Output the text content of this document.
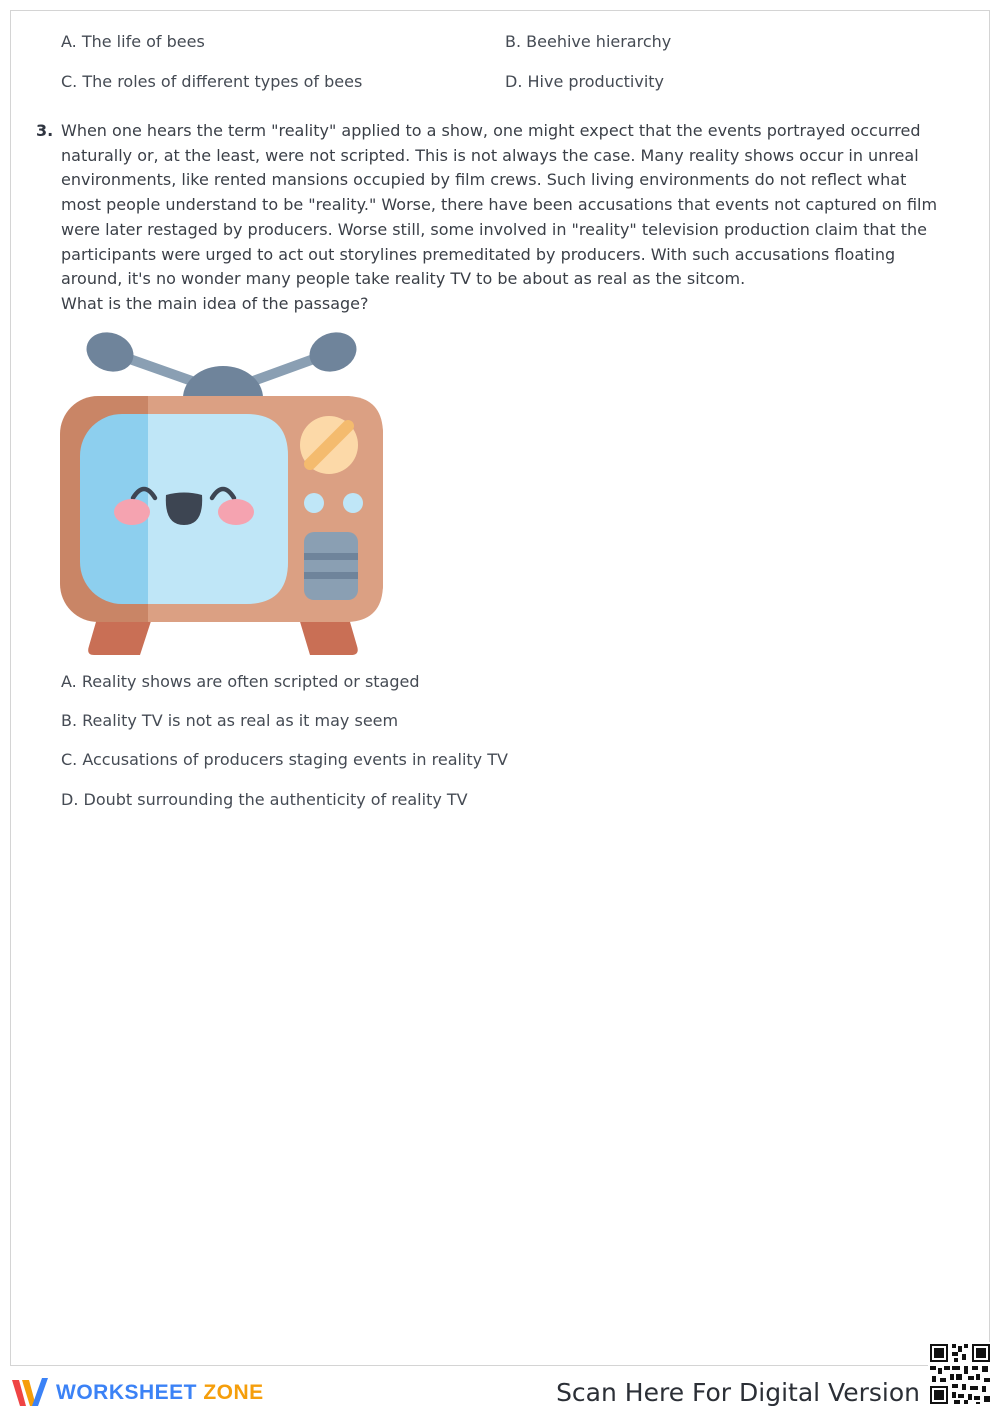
A. The life of bees	B. Beehive hierarchy
C. The roles of different types of bees	D. Hive productivity
3. When one hears the term "reality" applied to a show, one might expect that the events portrayed occurred naturally or, at the least, were not scripted. This is not always the case. Many reality shows occur in unreal environments, like rented mansions occupied by film crews. Such living environments do not reflect what most people understand to be "reality." Worse, there have been accusations that events not captured on film were later restaged by producers. Worse still, some involved in "reality" television production claim that the participants were urged to act out storylines premeditated by producers. With such accusations floating around, it's no wonder many people take reality TV to be about as real as the sitcom.
What is the main idea of the passage?
A. Reality shows are often scripted or staged
B. Reality TV is not as real as it may seem
C. Accusations of producers staging events in reality TV
D. Doubt surrounding the authenticity of reality TV
WORKSHEET ZONE	Scan Here For Digital Version
